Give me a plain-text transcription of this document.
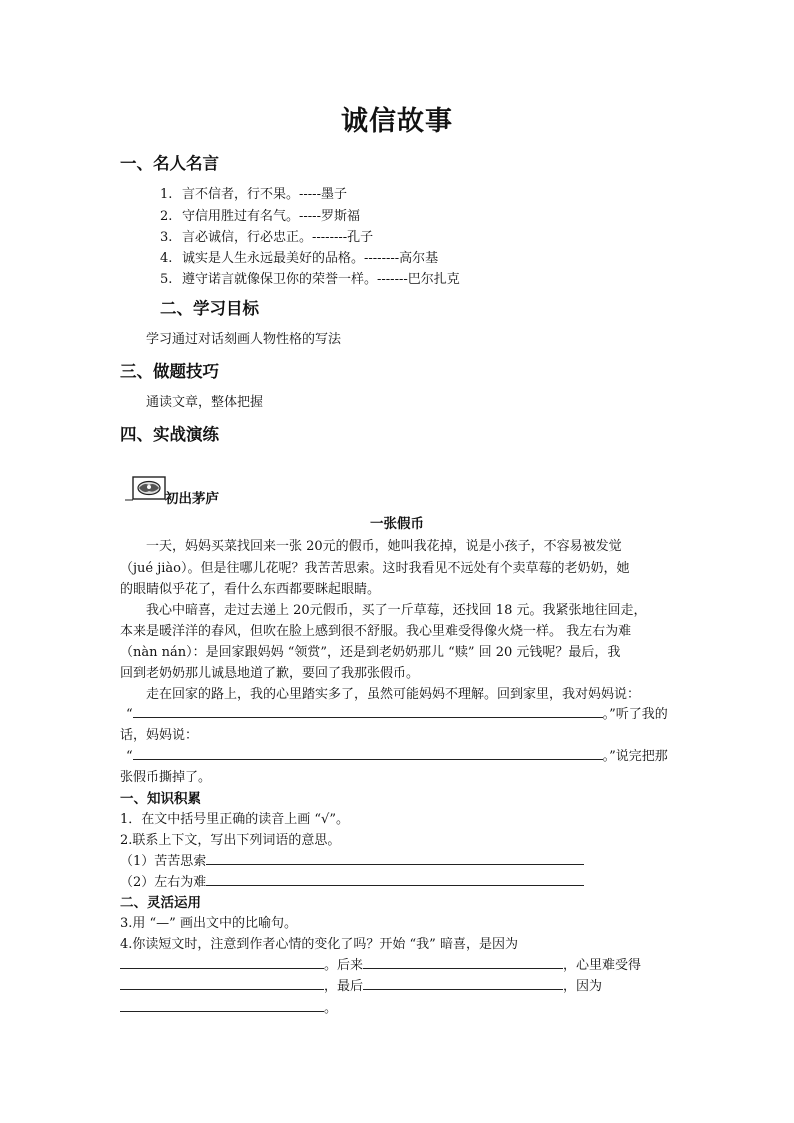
诚信故事
一、名人名言
1. 言不信者，行不果。-----墨子
2. 守信用胜过有名气。-----罗斯福
3. 言必诚信，行必忠正。--------孔子
4. 诚实是人生永远最美好的品格。--------高尔基
5. 遵守诺言就像保卫你的荣誉一样。-------巴尔扎克
二、学习目标
学习通过对话刻画人物性格的写法
三、做题技巧
通读文章，整体把握
四、实战演练
初出茅庐
一张假币
一天，妈妈买菜找回来一张 20元的假币，她叫我花掉，说是小孩子，不容易被发觉
（jué jiào）。但是往哪儿花呢？我苦苦思索。这时我看见不远处有个卖草莓的老奶奶，她
的眼睛似乎花了，看什么东西都要眯起眼睛。
我心中暗喜，走过去递上 20元假币，买了一斤草莓，还找回 18 元。我紧张地往回走，
本来是暖洋洋的春风，但吹在脸上感到很不舒服。我心里难受得像火烧一样。 我左右为难
（nàn nán）：是回家跟妈妈 “领赏”，还是到老奶奶那儿 “赎” 回 20 元钱呢？最后，我
回到老奶奶那儿诚恳地道了歉，要回了我那张假币。
走在回家的路上，我的心里踏实多了，虽然可能妈妈不理解。回到家里，我对妈妈说：
“	。”听了我的
话，妈妈说：
“	。”说完把那
张假币撕掉了。
一、知识积累
1．在文中括号里正确的读音上画 “√”。
2.联系上下文，写出下列词语的意思。
（1）苦苦思索
（2）左右为难
二、灵活运用
3.用 “—” 画出文中的比喻句。
4.你读短文时，注意到作者心情的变化了吗？开始 “我” 暗喜，是因为
。后来	，心里难受得
，最后	，因为
。
